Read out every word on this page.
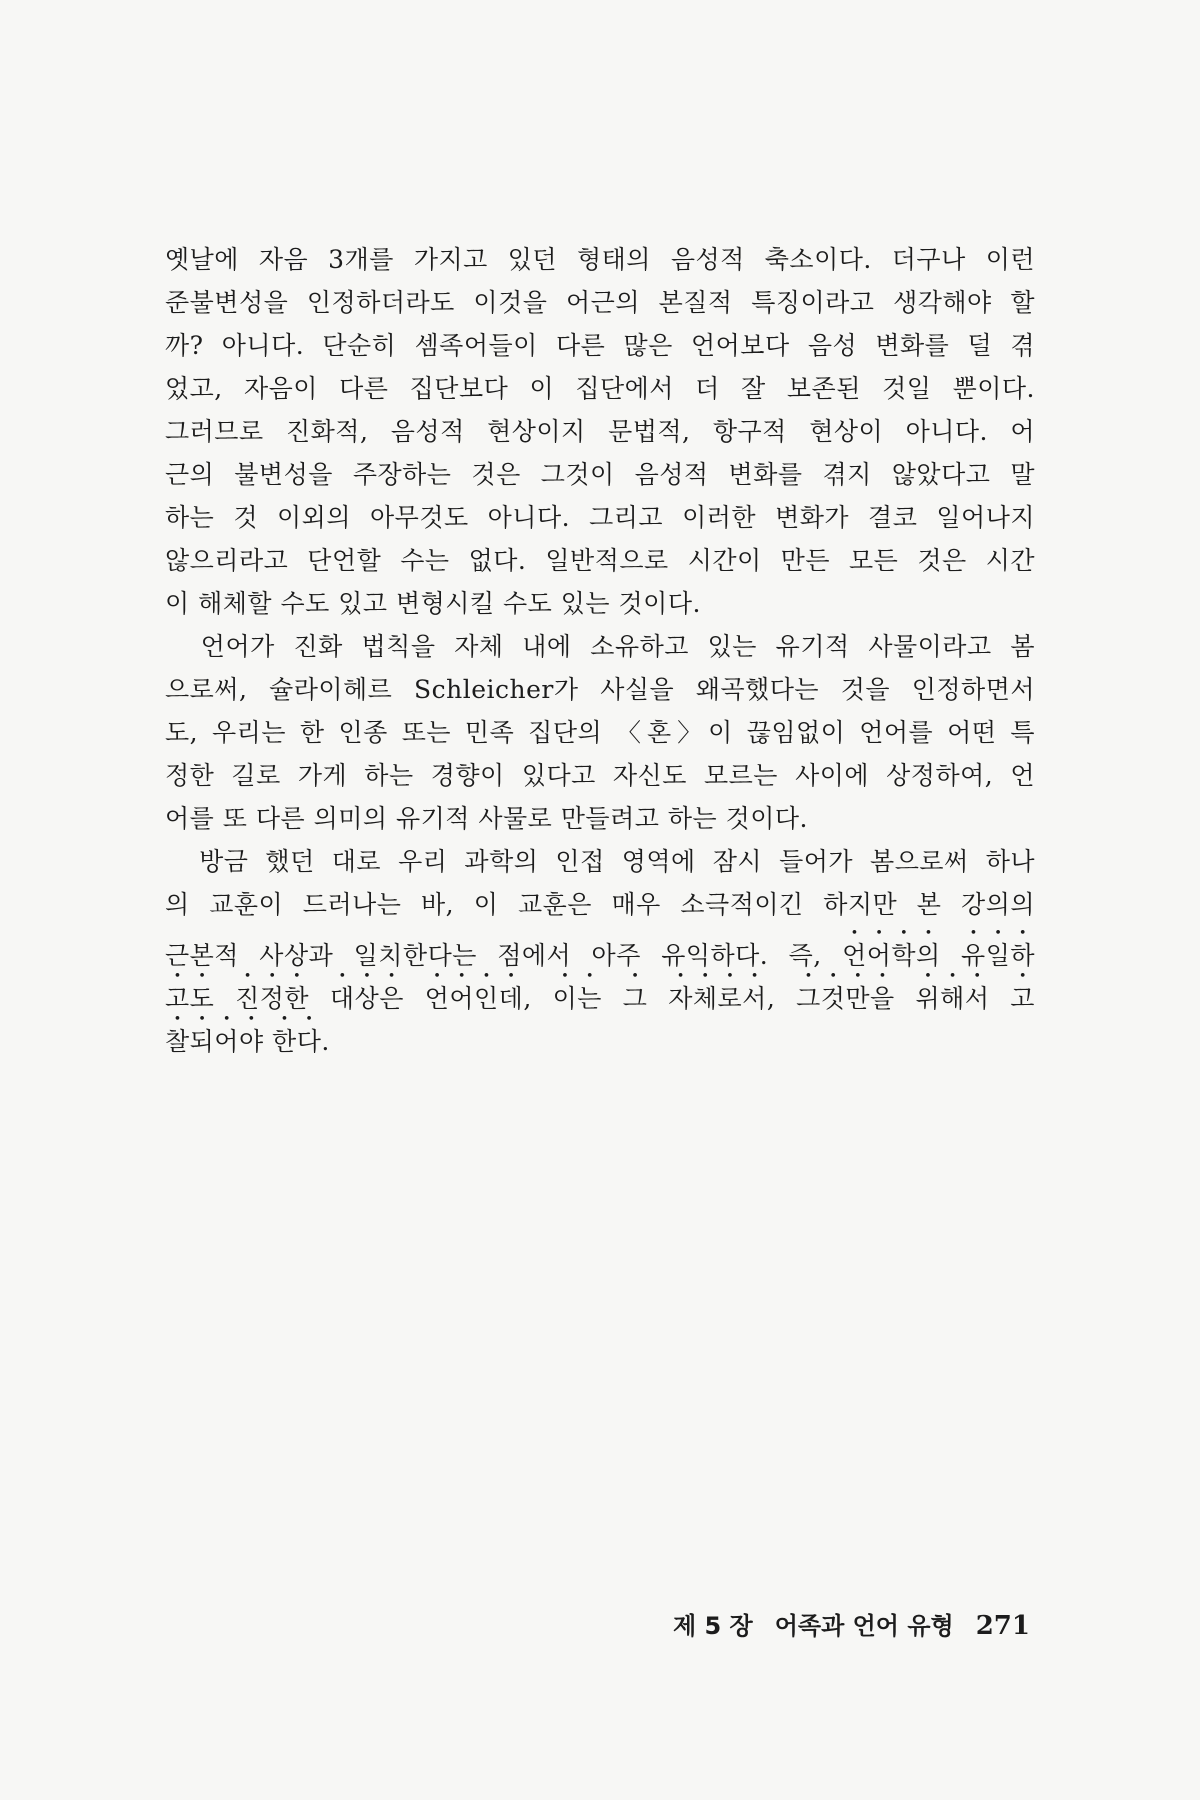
옛날에 자음 3개를 가지고 있던 형태의 음성적 축소이다. 더구나 이런
준불변성을 인정하더라도 이것을 어근의 본질적 특징이라고 생각해야 할
까? 아니다. 단순히 셈족어들이 다른 많은 언어보다 음성 변화를 덜 겪
었고, 자음이 다른 집단보다 이 집단에서 더 잘 보존된 것일 뿐이다.
그러므로 진화적, 음성적 현상이지 문법적, 항구적 현상이 아니다. 어
근의 불변성을 주장하는 것은 그것이 음성적 변화를 겪지 않았다고 말
하는 것 이외의 아무것도 아니다. 그리고 이러한 변화가 결코 일어나지
않으리라고 단언할 수는 없다. 일반적으로 시간이 만든 모든 것은 시간
이 해체할 수도 있고 변형시킬 수도 있는 것이다.
　언어가 진화 법칙을 자체 내에 소유하고 있는 유기적 사물이라고 봄
으로써, 슐라이헤르 Schleicher가 사실을 왜곡했다는 것을 인정하면서
도, 우리는 한 인종 또는 민족 집단의 〈혼〉이 끊임없이 언어를 어떤 특
정한 길로 가게 하는 경향이 있다고 자신도 모르는 사이에 상정하여, 언
어를 또 다른 의미의 유기적 사물로 만들려고 하는 것이다.
　방금 했던 대로 우리 과학의 인접 영역에 잠시 들어가 봄으로써 하나
의 교훈이 드러나는 바, 이 교훈은 매우 소극적이긴 하지만 본 강의의
근본적 사상과 일치한다는 점에서 아주 유익하다. 즉, 언어학의 유일하
고도 진정한 대상은 언어인데, 이는 그 자체로서, 그것만을 위해서 고
찰되어야 한다.
제 5 장 어족과 언어 유형 271
